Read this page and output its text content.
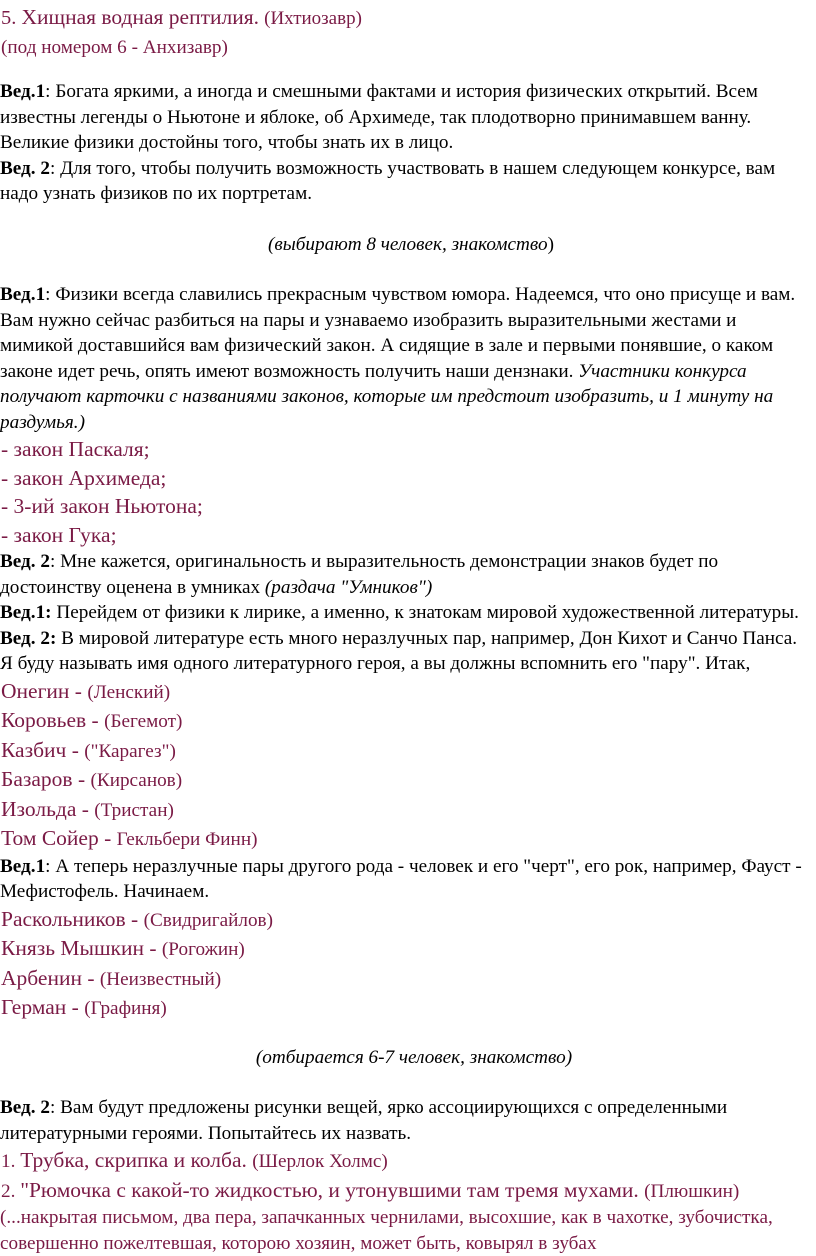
5. Хищная водная рептилия. (Ихтиозавр)
(под номером 6 - Анхизавр)
Вед.1: Богата яркими, а иногда и смешными фактами и история физических открытий. Всем известны легенды о Ньютоне и яблоке, об Архимеде, так плодотворно принимавшем ванну. Великие физики достойны того, чтобы знать их в лицо.
Вед. 2: Для того, чтобы получить возможность участвовать в нашем следующем конкурсе, вам надо узнать физиков по их портретам.
(выбирают 8 человек, знакомство)
Вед.1: Физики всегда славились прекрасным чувством юмора. Надеемся, что оно присуще и вам. Вам нужно сейчас разбиться на пары и узнаваемо изобразить выразительными жестами и мимикой доставшийся вам физический закон. А сидящие в зале и первыми понявшие, о каком законе идет речь, опять имеют возможность получить наши дензнаки. Участники конкурса получают карточки с названиями законов, которые им предстоит изобразить, и 1 минуту на раздумья.)
- закон Паскаля;
- закон Архимеда;
- 3-ий закон Ньютона;
- закон Гука;
Вед. 2: Мне кажется, оригинальность и выразительность демонстрации знаков будет по достоинству оценена в умниках (раздача "Умников")
Вед.1: Перейдем от физики к лирике, а именно, к знатокам мировой художественной литературы.
Вед. 2: В мировой литературе есть много неразлучных пар, например, Дон Кихот и Санчо Панса. Я буду называть имя одного литературного героя, а вы должны вспомнить его "пару". Итак,
Онегин - (Ленский)
Коровьев - (Бегемот)
Казбич - ("Карагез")
Базаров - (Кирсанов)
Изольда - (Тристан)
Том Сойер - Гекльбери Финн)
Вед.1: А теперь неразлучные пары другого рода - человек и его "черт", его рок, например, Фауст - Мефистофель. Начинаем.
Раскольников - (Свидригайлов)
Князь Мышкин - (Рогожин)
Арбенин - (Неизвестный)
Герман - (Графиня)
(отбирается 6-7 человек, знакомство)
Вед. 2: Вам будут предложены рисунки вещей, ярко ассоциирующихся с определенными литературными героями. Попытайтесь их назвать.
1. Трубка, скрипка и колба. (Шерлок Холмс)
2. "Рюмочка с какой-то жидкостью, и утонувшими там тремя мухами. (Плюшкин)
(...накрытая письмом, два пера, запачканных чернилами, высохшие, как в чахотке, зубочистка, совершенно пожелтевшая, которою хозяин, может быть, ковырял в зубах
